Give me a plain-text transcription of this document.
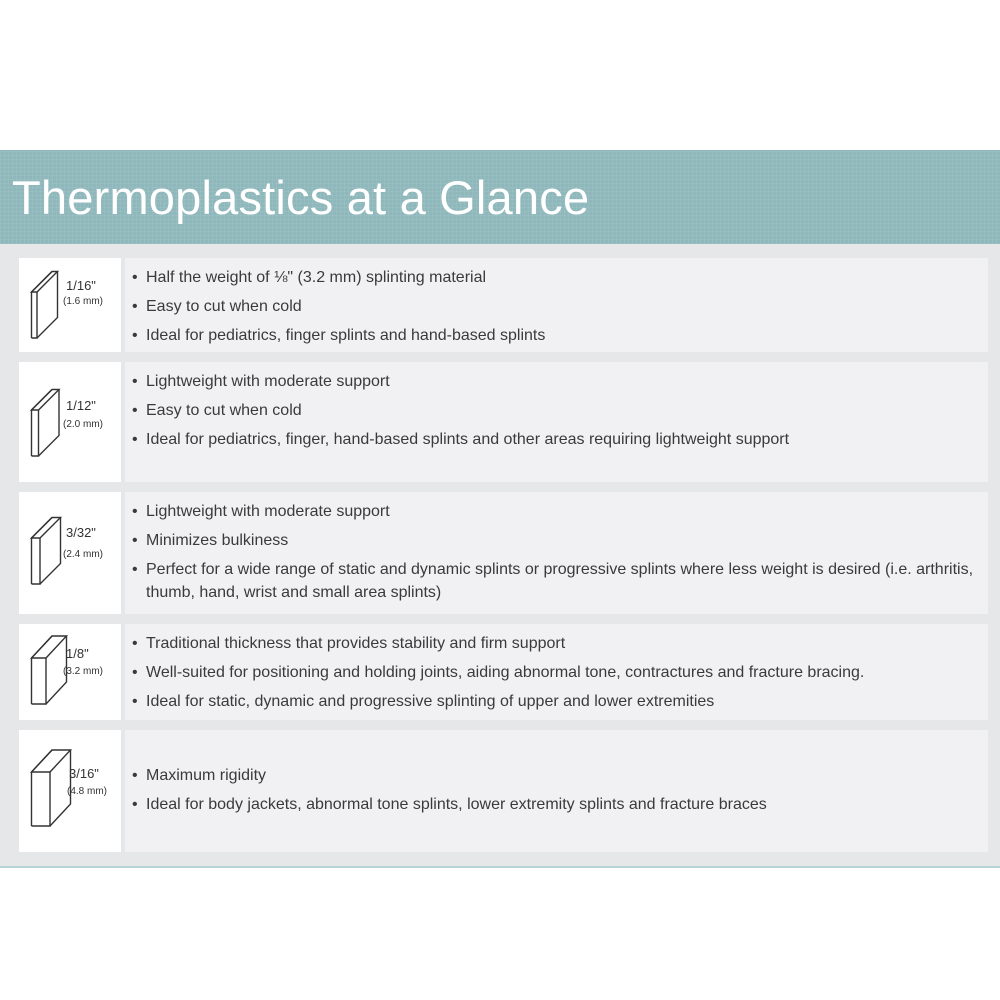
Thermoplastics at a Glance
1/16"
(1.6 mm)
• Half the weight of ⅛" (3.2 mm) splinting material
• Easy to cut when cold
• Ideal for pediatrics, finger splints and hand-based splints
1/12"
(2.0 mm)
• Lightweight with moderate support
• Easy to cut when cold
• Ideal for pediatrics, finger, hand-based splints and other areas requiring lightweight support
3/32"
(2.4 mm)
• Lightweight with moderate support
• Minimizes bulkiness
• Perfect for a wide range of static and dynamic splints or progressive splints where less weight is desired (i.e. arthritis, thumb, hand, wrist and small area splints)
1/8"
(3.2 mm)
• Traditional thickness that provides stability and firm support
• Well-suited for positioning and holding joints, aiding abnormal tone, contractures and fracture bracing.
• Ideal for static, dynamic and progressive splinting of upper and lower extremities
3/16"
(4.8 mm)
• Maximum rigidity
• Ideal for body jackets, abnormal tone splints, lower extremity splints and fracture braces
